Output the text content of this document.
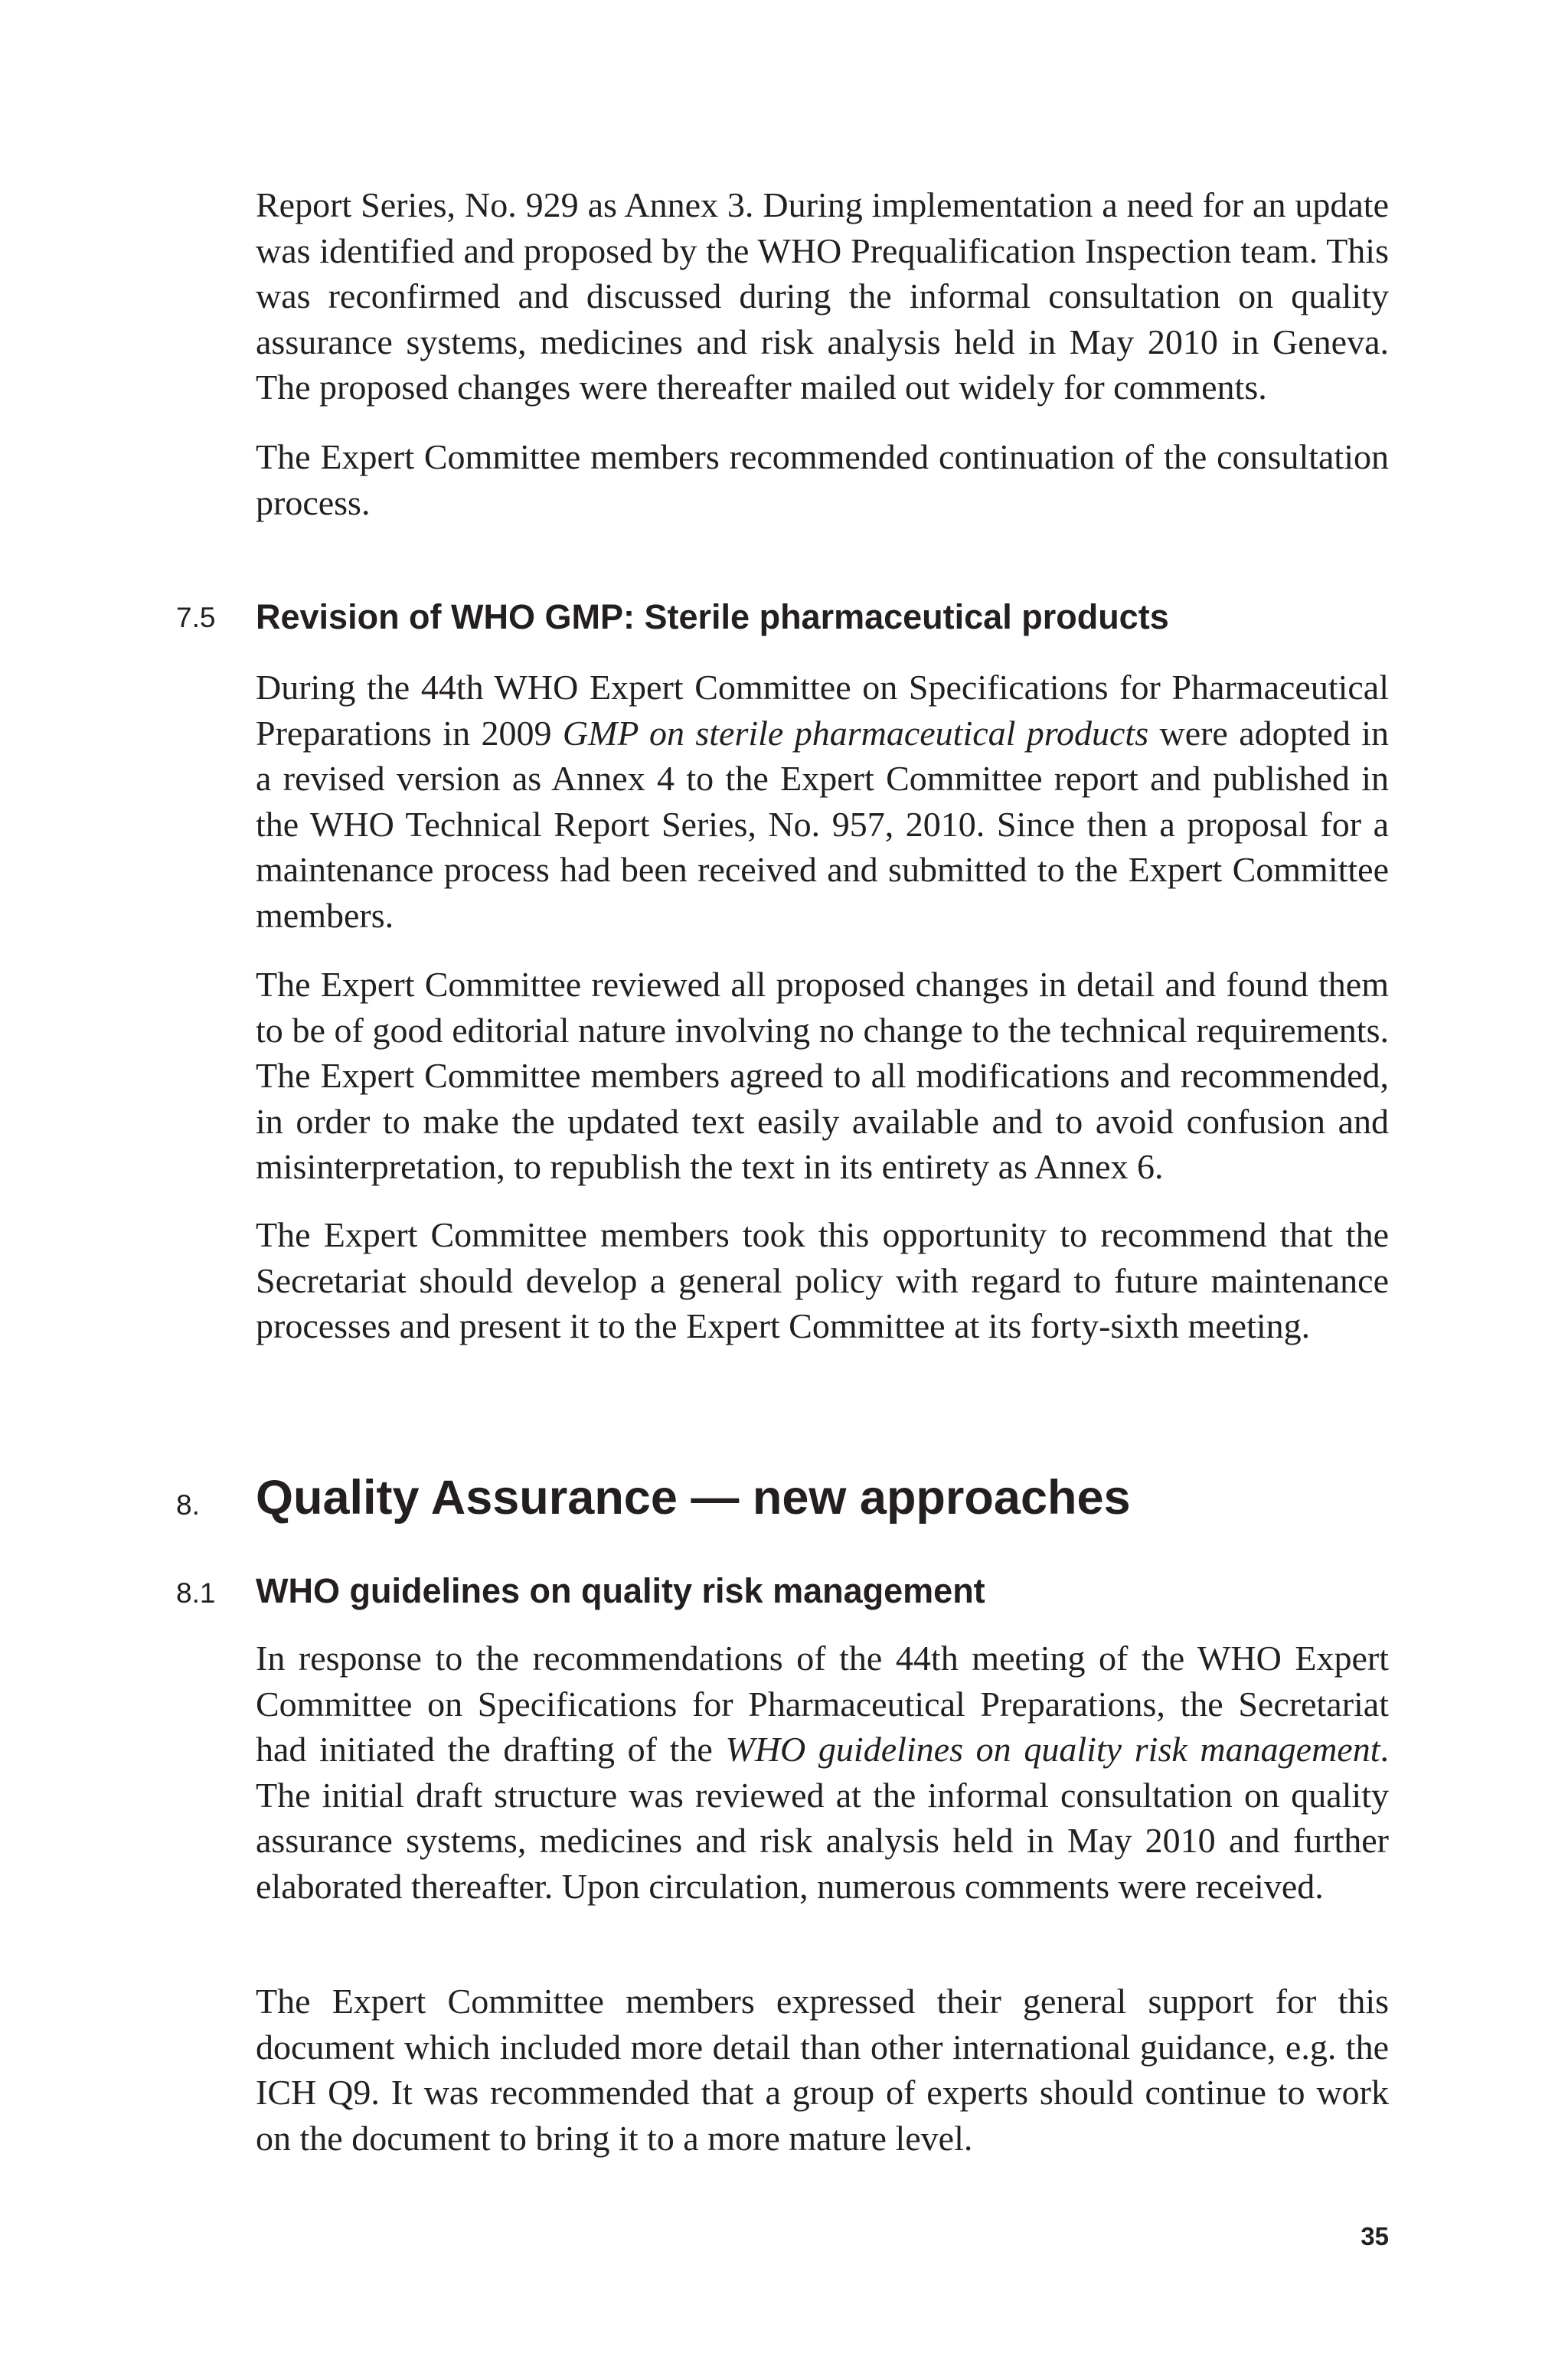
Report Series, No. 929 as Annex 3. During implementation a need for an update was identified and proposed by the WHO Prequalification Inspection team. This was reconfirmed and discussed during the informal consultation on quality assurance systems, medicines and risk analysis held in May 2010 in Geneva. The proposed changes were thereafter mailed out widely for comments.

The Expert Committee members recommended continuation of the consultation process.

7.5 Revision of WHO GMP: Sterile pharmaceutical products

During the 44th WHO Expert Committee on Specifications for Pharmaceutical Preparations in 2009 GMP on sterile pharmaceutical products were adopted in a revised version as Annex 4 to the Expert Committee report and published in the WHO Technical Report Series, No. 957, 2010. Since then a proposal for a maintenance process had been received and submitted to the Expert Committee members.

The Expert Committee reviewed all proposed changes in detail and found them to be of good editorial nature involving no change to the technical requirements. The Expert Committee members agreed to all modifications and recommended, in order to make the updated text easily available and to avoid confusion and misinterpretation, to republish the text in its entirety as Annex 6.

The Expert Committee members took this opportunity to recommend that the Secretariat should develop a general policy with regard to future maintenance processes and present it to the Expert Committee at its forty-sixth meeting.

8. Quality Assurance — new approaches
8.1 WHO guidelines on quality risk management

In response to the recommendations of the 44th meeting of the WHO Expert Committee on Specifications for Pharmaceutical Preparations, the Secretariat had initiated the drafting of the WHO guidelines on quality risk management. The initial draft structure was reviewed at the informal consultation on quality assurance systems, medicines and risk analysis held in May 2010 and further elaborated thereafter. Upon circulation, numerous comments were received.

The Expert Committee members expressed their general support for this document which included more detail than other international guidance, e.g. the ICH Q9. It was recommended that a group of experts should continue to work on the document to bring it to a more mature level.

35
